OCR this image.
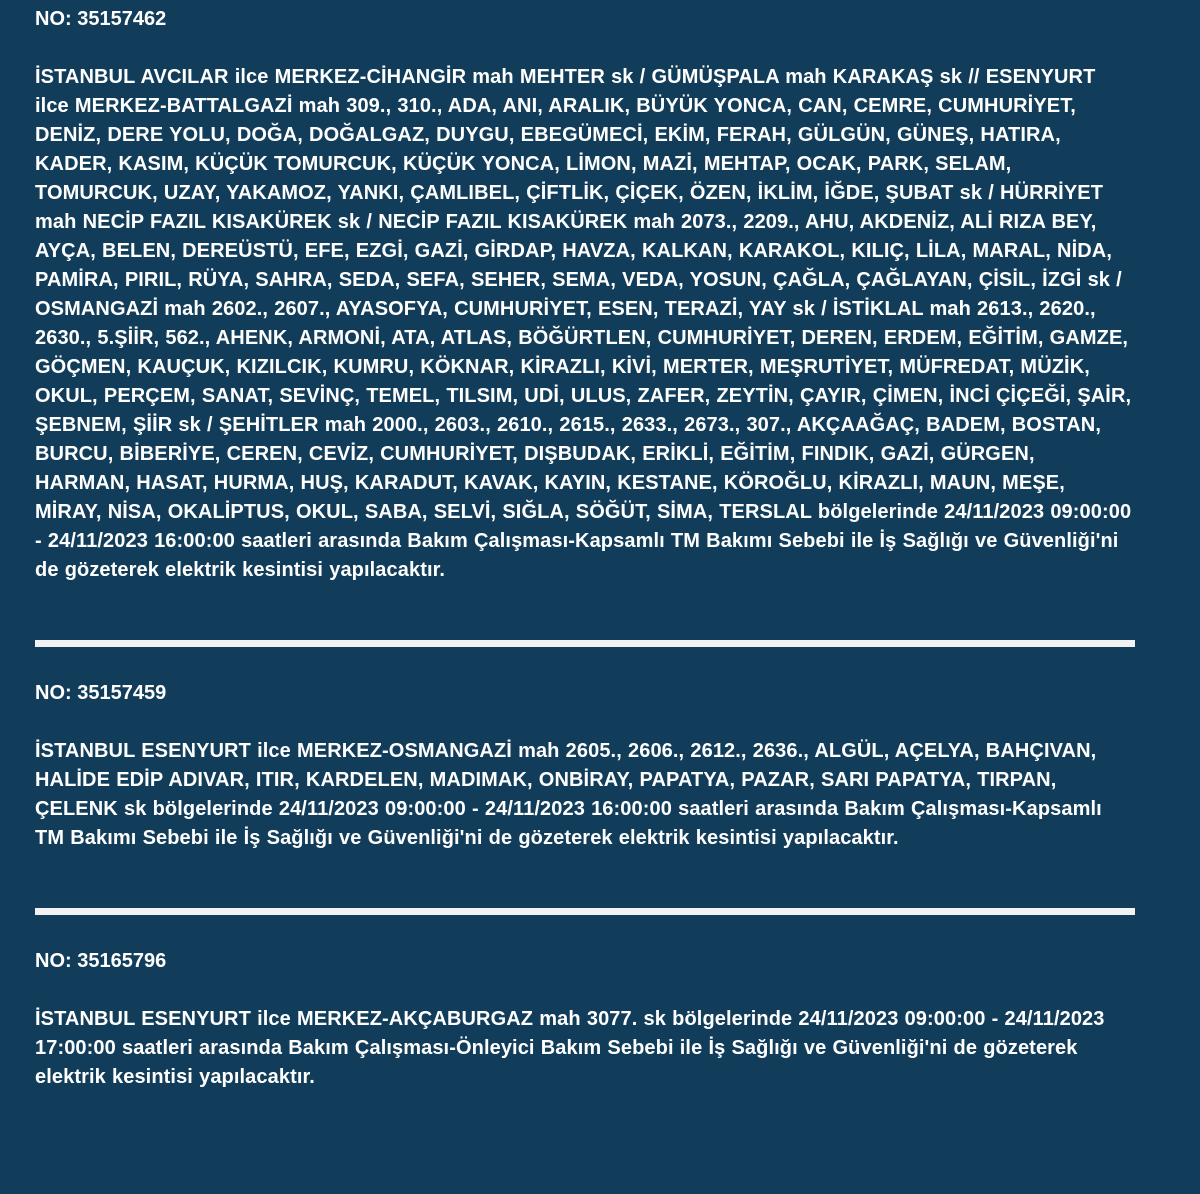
NO: 35157462

İSTANBUL AVCILAR ilce MERKEZ-CİHANGİR mah MEHTER sk / GÜMÜŞPALA mah KARAKAŞ sk // ESENYURT ilce MERKEZ-BATTALGAZİ mah 309., 310., ADA, ANI, ARALIK, BÜYÜK YONCA, CAN, CEMRE, CUMHURİYET, DENİZ, DERE YOLU, DOĞA, DOĞALGAZ, DUYGU, EBEGÜMECİ, EKİM, FERAH, GÜLGÜN, GÜNEŞ, HATIRA, KADER, KASIM, KÜÇÜK TOMURCUK, KÜÇÜK YONCA, LİMON, MAZİ, MEHTAP, OCAK, PARK, SELAM, TOMURCUK, UZAY, YAKAMOZ, YANKI, ÇAMLIBEL, ÇİFTLİK, ÇİÇEK, ÖZEN, İKLİM, İĞDE, ŞUBAT sk / HÜRRİYET mah NECİP FAZIL KISAKÜREK sk / NECİP FAZIL KISAKÜREK mah 2073., 2209., AHU, AKDENİZ, ALİ RIZA BEY, AYÇA, BELEN, DEREÜSTÜ, EFE, EZGİ, GAZİ, GİRDAP, HAVZA, KALKAN, KARAKOL, KILIÇ, LİLA, MARAL, NİDA, PAMİRA, PIRIL, RÜYA, SAHRA, SEDA, SEFA, SEHER, SEMA, VEDA, YOSUN, ÇAĞLA, ÇAĞLAYAN, ÇİSİL, İZGİ sk / OSMANGAZİ mah 2602., 2607., AYASOFYA, CUMHURİYET, ESEN, TERAZİ, YAY sk / İSTİKLAL mah 2613., 2620., 2630., 5.ŞİİR, 562., AHENK, ARMONİ, ATA, ATLAS, BÖĞÜRTLEN, CUMHURİYET, DEREN, ERDEM, EĞİTİM, GAMZE, GÖÇMEN, KAUÇUK, KIZILCIK, KUMRU, KÖKNAR, KİRAZLI, KİVİ, MERTER, MEŞRUTİYET, MÜFREDAT, MÜZİK, OKUL, PERÇEM, SANAT, SEVİNÇ, TEMEL, TILSIM, UDİ, ULUS, ZAFER, ZEYTİN, ÇAYIR, ÇİMEN, İNCİ ÇİÇEĞİ, ŞAİR, ŞEBNEM, ŞİİR sk / ŞEHİTLER mah 2000., 2603., 2610., 2615., 2633., 2673., 307., AKÇAAĞAÇ, BADEM, BOSTAN, BURCU, BİBERİYE, CEREN, CEVİZ, CUMHURİYET, DIŞBUDAK, ERİKLİ, EĞİTİM, FINDIK, GAZİ, GÜRGEN, HARMAN, HASAT, HURMA, HUŞ, KARADUT, KAVAK, KAYIN, KESTANE, KÖROĞLU, KİRAZLI, MAUN, MEŞE, MİRAY, NİSA, OKALİPTUS, OKUL, SABA, SELVİ, SIĞLA, SÖĞÜT, SİMA, TERSLAL bölgelerinde 24/11/2023 09:00:00 - 24/11/2023 16:00:00 saatleri arasında Bakım Çalışması-Kapsamlı TM Bakımı Sebebi ile İş Sağlığı ve Güvenliği'ni de gözeterek elektrik kesintisi yapılacaktır.

NO: 35157459

İSTANBUL ESENYURT ilce MERKEZ-OSMANGAZİ mah 2605., 2606., 2612., 2636., ALGÜL, AÇELYA, BAHÇIVAN, HALİDE EDİP ADIVAR, ITIR, KARDELEN, MADIMAK, ONBİRAY, PAPATYA, PAZAR, SARI PAPATYA, TIRPAN, ÇELENK sk bölgelerinde 24/11/2023 09:00:00 - 24/11/2023 16:00:00 saatleri arasında Bakım Çalışması-Kapsamlı TM Bakımı Sebebi ile İş Sağlığı ve Güvenliği'ni de gözeterek elektrik kesintisi yapılacaktır.

NO: 35165796

İSTANBUL ESENYURT ilce MERKEZ-AKÇABURGAZ mah 3077. sk bölgelerinde 24/11/2023 09:00:00 - 24/11/2023 17:00:00 saatleri arasında Bakım Çalışması-Önleyici Bakım Sebebi ile İş Sağlığı ve Güvenliği'ni de gözeterek elektrik kesintisi yapılacaktır.
